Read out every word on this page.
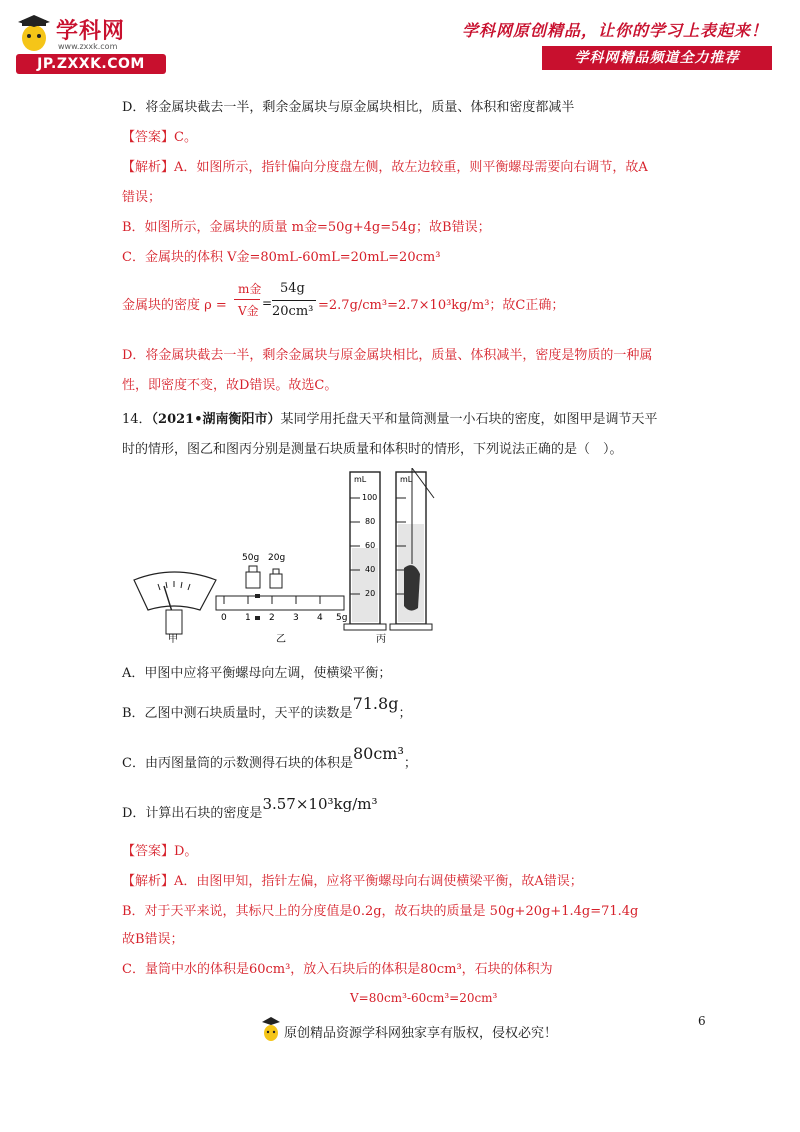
学科网
www.zxxk.com
JP.ZXXK.COM
学科网原创精品，让你的学习上表起来！
学科网精品频道全力推荐
D．将金属块截去一半，剩余金属块与原金属块相比，质量、体积和密度都减半
【答案】C。
【解析】A．如图所示，指针偏向分度盘左侧，故左边较重，则平衡螺母需要向右调节，故A
错误；
B．如图所示，金属块的质量 m金=50g+4g=54g；故B错误；
C．金属块的体积 V金=80mL-60mL=20mL=20cm³
金属块的密度 ρ =
m金
V金
=
54g
20cm³ =2.7g/cm³=2.7×10³kg/m³；故C正确；
D．将金属块截去一半，剩余金属块与原金属块相比，质量、体积减半，密度是物质的一种属
性，即密度不变，故D错误。故选C。
14．（2021•湖南衡阳市）某同学用托盘天平和量筒测量一小石块的密度，如图甲是调节天平
时的情形，图乙和图丙分别是测量石块质量和体积时的情形，下列说法正确的是（　）。
50g 20g
0 1 2 3 4 5g
mL
100
80
60
40
20
mL
甲	乙	丙
A．甲图中应将平衡螺母向左调，使横梁平衡；
B．乙图中测石块质量时，天平的读数是71.8g；
C．由丙图量筒的示数测得石块的体积是80cm³；
D．计算出石块的密度是3.57×10³kg/m³
【答案】D。
【解析】A．由图甲知，指针左偏，应将平衡螺母向右调使横梁平衡，故A错误；
B．对于天平来说，其标尺上的分度值是0.2g，故石块的质量是 50g+20g+1.4g=71.4g
故B错误；
C．量筒中水的体积是60cm³，放入石块后的体积是80cm³，石块的体积为
V=80cm³-60cm³=20cm³
6
原创精品资源学科网独家享有版权，侵权必究！
